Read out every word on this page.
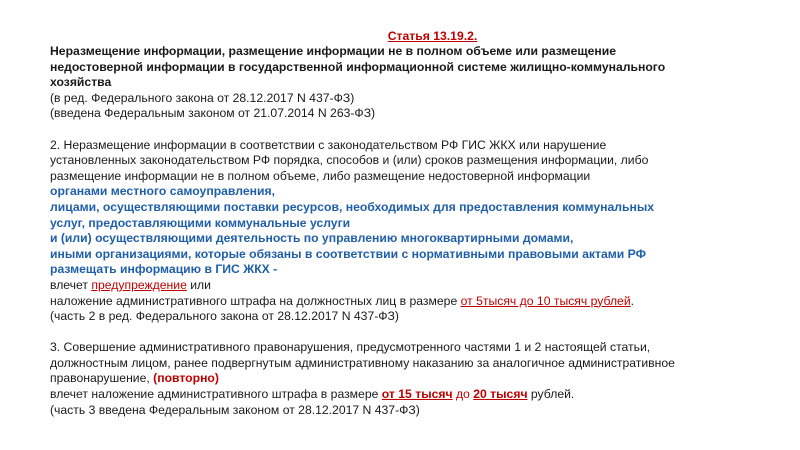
Статья 13.19.2.
Неразмещение информации, размещение информации не в полном объеме или размещение
недостоверной информации в государственной информационной системе жилищно-коммунального
хозяйства
(в ред. Федерального закона от 28.12.2017 N 437-ФЗ)
(введена Федеральным законом от 21.07.2014 N 263-ФЗ)
2. Неразмещение информации в соответствии с законодательством РФ ГИС ЖКХ или нарушение
установленных законодательством РФ порядка, способов и (или) сроков размещения информации, либо
размещение информации не в полном объеме, либо размещение недостоверной информации
органами местного самоуправления,
лицами, осуществляющими поставки ресурсов, необходимых для предоставления коммунальных
услуг, предоставляющими коммунальные услуги
и (или) осуществляющими деятельность по управлению многоквартирными домами,
иными организациями, которые обязаны в соответствии с нормативными правовыми актами РФ
размещать информацию в ГИС ЖКХ -
влечет предупреждение или
наложение административного штрафа на должностных лиц в размере от 5тысяч до 10 тысяч рублей.
(часть 2 в ред. Федерального закона от 28.12.2017 N 437-ФЗ)
3. Совершение административного правонарушения, предусмотренного частями 1 и 2 настоящей статьи,
должностным лицом, ранее подвергнутым административному наказанию за аналогичное административное
правонарушение, (повторно)
влечет наложение административного штрафа в размере от 15 тысяч до 20 тысяч рублей.
(часть 3 введена Федеральным законом от 28.12.2017 N 437-ФЗ)
